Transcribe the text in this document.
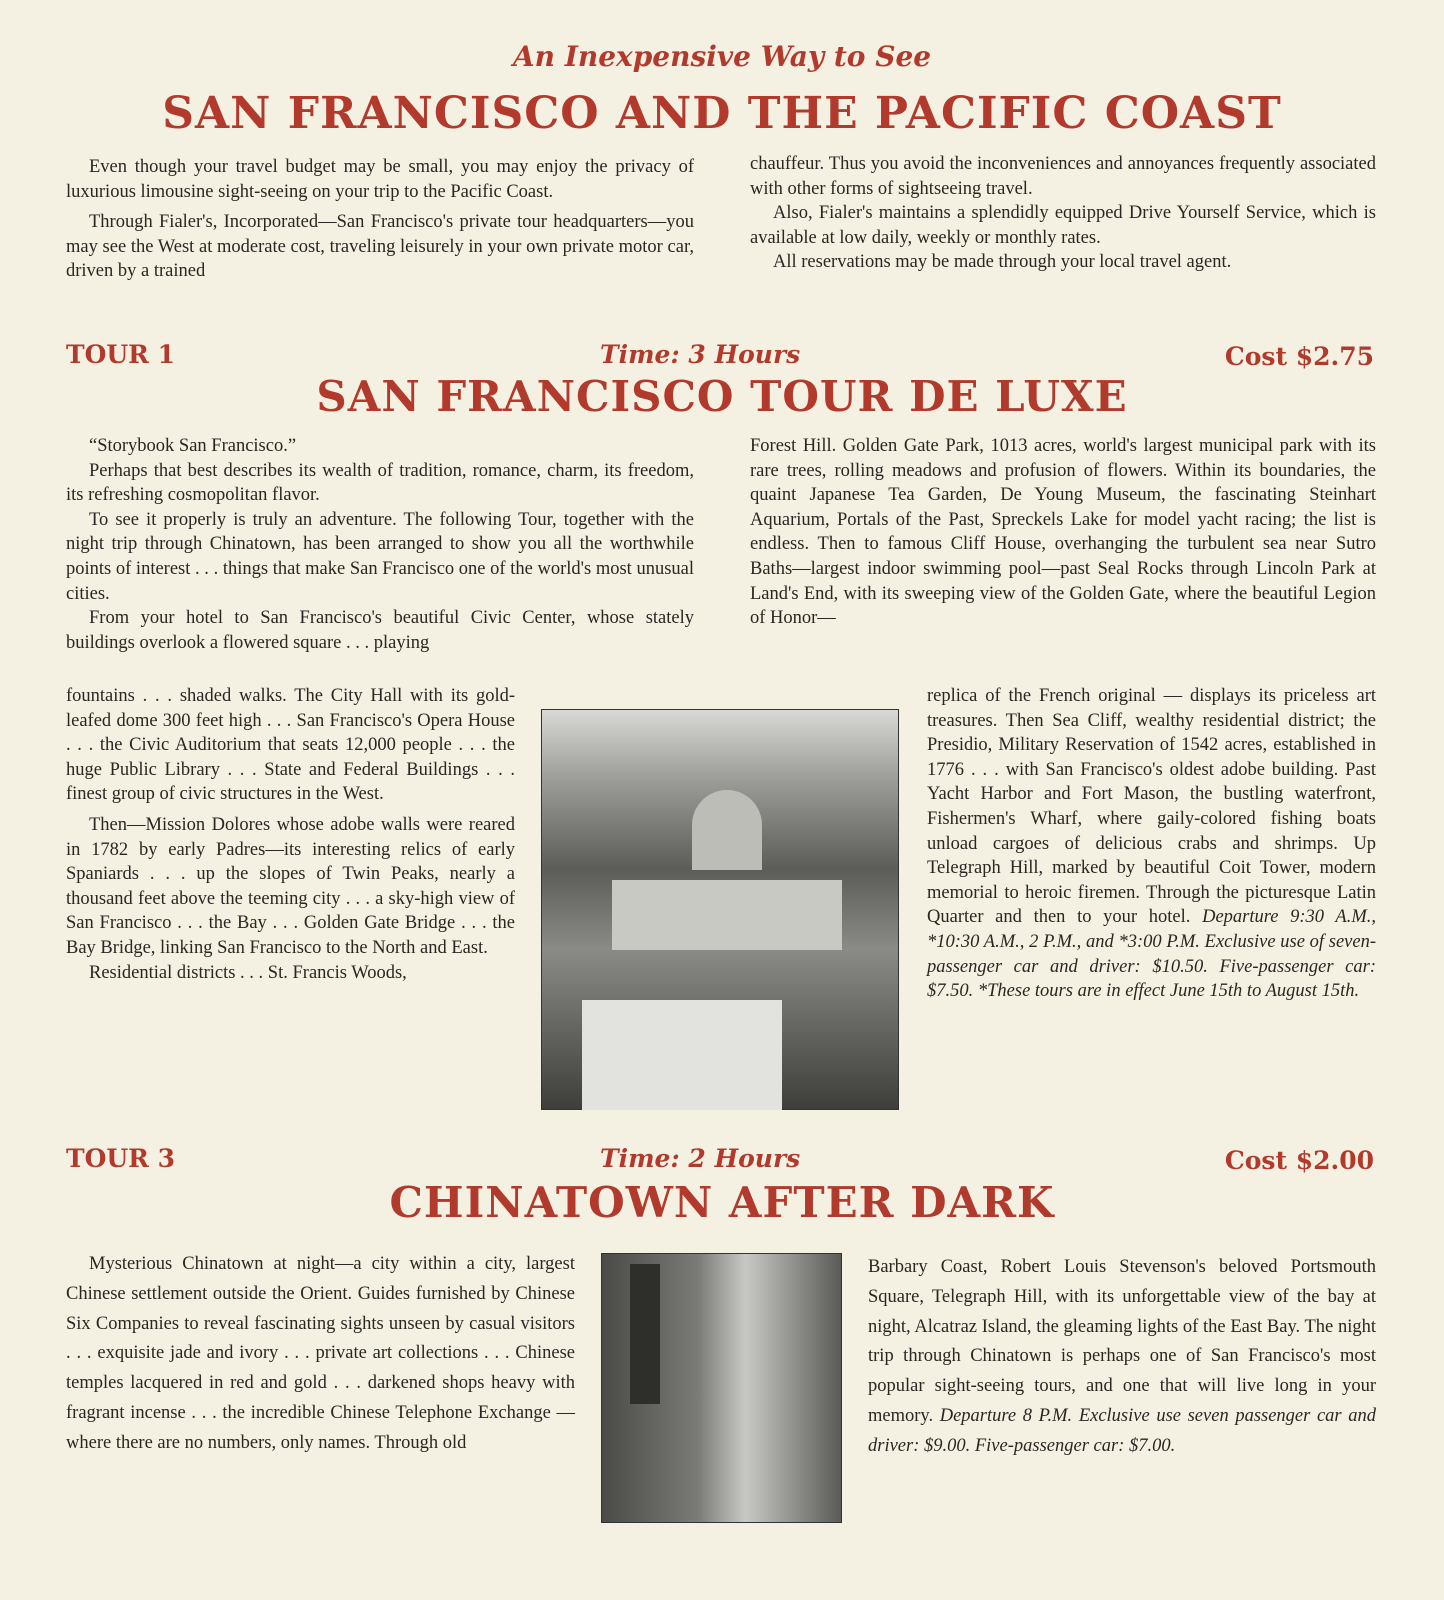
An Inexpensive Way to See
SAN FRANCISCO AND THE PACIFIC COAST

Even though your travel budget may be small, you may enjoy the privacy of luxurious limousine sight-seeing on your trip to the Pacific Coast.

Through Fialer's, Incorporated—San Francisco's private tour headquarters—you may see the West at moderate cost, traveling leisurely in your own private motor car, driven by a trained

chauffeur. Thus you avoid the inconveniences and annoyances frequently associated with other forms of sightseeing travel.

Also, Fialer's maintains a splendidly equipped Drive Yourself Service, which is available at low daily, weekly or monthly rates.

All reservations may be made through your local travel agent.

TOUR 1	Time: 3 Hours	Cost $2.75
SAN FRANCISCO TOUR DE LUXE

“Storybook San Francisco.”

Perhaps that best describes its wealth of tradition, romance, charm, its freedom, its refreshing cosmopolitan flavor.

To see it properly is truly an adventure. The following Tour, together with the night trip through Chinatown, has been arranged to show you all the worthwhile points of interest . . . things that make San Francisco one of the world's most unusual cities.

From your hotel to San Francisco's beautiful Civic Center, whose stately buildings overlook a flowered square . . . playing

fountains . . . shaded walks. The City Hall with its gold-leafed dome 300 feet high . . . San Francisco's Opera House . . . the Civic Auditorium that seats 12,000 people . . . the huge Public Library . . . State and Federal Buildings . . . finest group of civic structures in the West.

Then—Mission Dolores whose adobe walls were reared in 1782 by early Padres—its interesting relics of early Spaniards . . . up the slopes of Twin Peaks, nearly a thousand feet above the teeming city . . . a sky-high view of San Francisco . . . the Bay . . . Golden Gate Bridge . . . the Bay Bridge, linking San Francisco to the North and East.

Residential districts . . . St. Francis Woods,

Forest Hill. Golden Gate Park, 1013 acres, world's largest municipal park with its rare trees, rolling meadows and profusion of flowers. Within its boundaries, the quaint Japanese Tea Garden, De Young Museum, the fascinating Steinhart Aquarium, Portals of the Past, Spreckels Lake for model yacht racing; the list is endless. Then to famous Cliff House, overhanging the turbulent sea near Sutro Baths—largest indoor swimming pool—past Seal Rocks through Lincoln Park at Land's End, with its sweeping view of the Golden Gate, where the beautiful Legion of Honor—

replica of the French original — displays its priceless art treasures. Then Sea Cliff, wealthy residential district; the Presidio, Military Reservation of 1542 acres, established in 1776 . . . with San Francisco's oldest adobe building. Past Yacht Harbor and Fort Mason, the bustling waterfront, Fishermen's Wharf, where gaily-colored fishing boats unload cargoes of delicious crabs and shrimps. Up Telegraph Hill, marked by beautiful Coit Tower, modern memorial to heroic firemen. Through the picturesque Latin Quarter and then to your hotel. Departure 9:30 A.M., *10:30 A.M., 2 P.M., and *3:00 P.M. Exclusive use of seven-passenger car and driver: $10.50. Five-passenger car: $7.50. *These tours are in effect June 15th to August 15th.

TOUR 3	Time: 2 Hours	Cost $2.00
CHINATOWN AFTER DARK

Mysterious Chinatown at night—a city within a city, largest Chinese settlement outside the Orient. Guides furnished by Chinese Six Companies to reveal fascinating sights unseen by casual visitors . . . exquisite jade and ivory . . . private art collections . . . Chinese temples lacquered in red and gold . . . darkened shops heavy with fragrant incense . . . the incredible Chinese Telephone Exchange — where there are no numbers, only names. Through old

Barbary Coast, Robert Louis Stevenson's beloved Portsmouth Square, Telegraph Hill, with its unforgettable view of the bay at night, Alcatraz Island, the gleaming lights of the East Bay. The night trip through Chinatown is perhaps one of San Francisco's most popular sight-seeing tours, and one that will live long in your memory. Departure 8 P.M. Exclusive use seven passenger car and driver: $9.00. Five-passenger car: $7.00.
